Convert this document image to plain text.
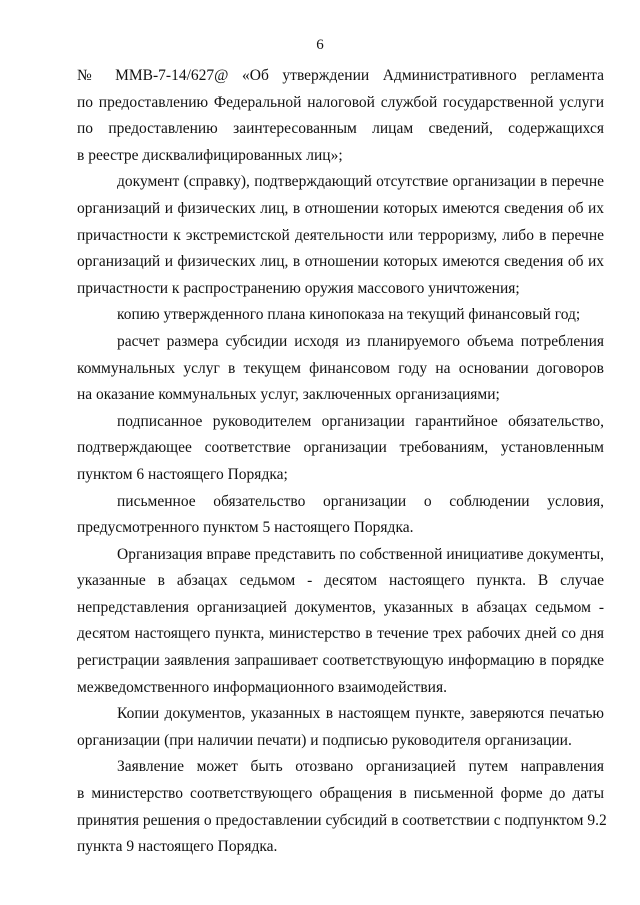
6
№ ММВ-7-14/627@ «Об утверждении Административного регламента
по предоставлению Федеральной налоговой службой государственной услуги
по предоставлению заинтересованным лицам сведений, содержащихся
в реестре дисквалифицированных лиц»;
документ (справку), подтверждающий отсутствие организации в перечне
организаций и физических лиц, в отношении которых имеются сведения об их
причастности к экстремистской деятельности или терроризму, либо в перечне
организаций и физических лиц, в отношении которых имеются сведения об их
причастности к распространению оружия массового уничтожения;
копию утвержденного плана кинопоказа на текущий финансовый год;
расчет размера субсидии исходя из планируемого объема потребления
коммунальных услуг в текущем финансовом году на основании договоров
на оказание коммунальных услуг, заключенных организациями;
подписанное руководителем организации гарантийное обязательство,
подтверждающее соответствие организации требованиям, установленным
пунктом 6 настоящего Порядка;
письменное обязательство организации о соблюдении условия,
предусмотренного пунктом 5 настоящего Порядка.
Организация вправе представить по собственной инициативе документы,
указанные в абзацах седьмом - десятом настоящего пункта. В случае
непредставления организацией документов, указанных в абзацах седьмом -
десятом настоящего пункта, министерство в течение трех рабочих дней со дня
регистрации заявления запрашивает соответствующую информацию в порядке
межведомственного информационного взаимодействия.
Копии документов, указанных в настоящем пункте, заверяются печатью
организации (при наличии печати) и подписью руководителя организации.
Заявление может быть отозвано организацией путем направления
в министерство соответствующего обращения в письменной форме до даты
принятия решения о предоставлении субсидий в соответствии с подпунктом 9.2
пункта 9 настоящего Порядка.
